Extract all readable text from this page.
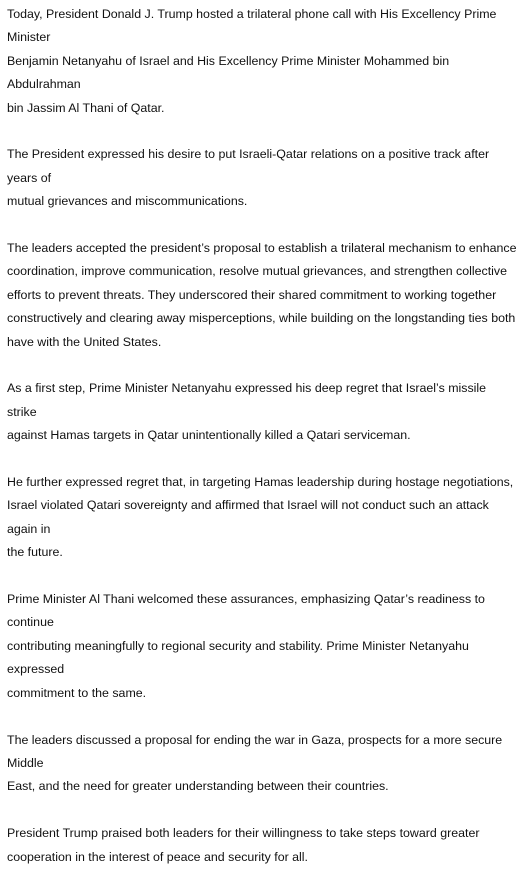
Today, President Donald J. Trump hosted a trilateral phone call with His Excellency Prime Minister
Benjamin Netanyahu of Israel and His Excellency Prime Minister Mohammed bin Abdulrahman
bin Jassim Al Thani of Qatar.

The President expressed his desire to put Israeli-Qatar relations on a positive track after years of
mutual grievances and miscommunications.

The leaders accepted the president’s proposal to establish a trilateral mechanism to enhance
coordination, improve communication, resolve mutual grievances, and strengthen collective
efforts to prevent threats. They underscored their shared commitment to working together
constructively and clearing away misperceptions, while building on the longstanding ties both
have with the United States.

As a first step, Prime Minister Netanyahu expressed his deep regret that Israel’s missile strike
against Hamas targets in Qatar unintentionally killed a Qatari serviceman.

He further expressed regret that, in targeting Hamas leadership during hostage negotiations,
Israel violated Qatari sovereignty and affirmed that Israel will not conduct such an attack again in
the future.

Prime Minister Al Thani welcomed these assurances, emphasizing Qatar’s readiness to continue
contributing meaningfully to regional security and stability. Prime Minister Netanyahu expressed
commitment to the same.

The leaders discussed a proposal for ending the war in Gaza, prospects for a more secure Middle
East, and the need for greater understanding between their countries.

President Trump praised both leaders for their willingness to take steps toward greater
cooperation in the interest of peace and security for all.
